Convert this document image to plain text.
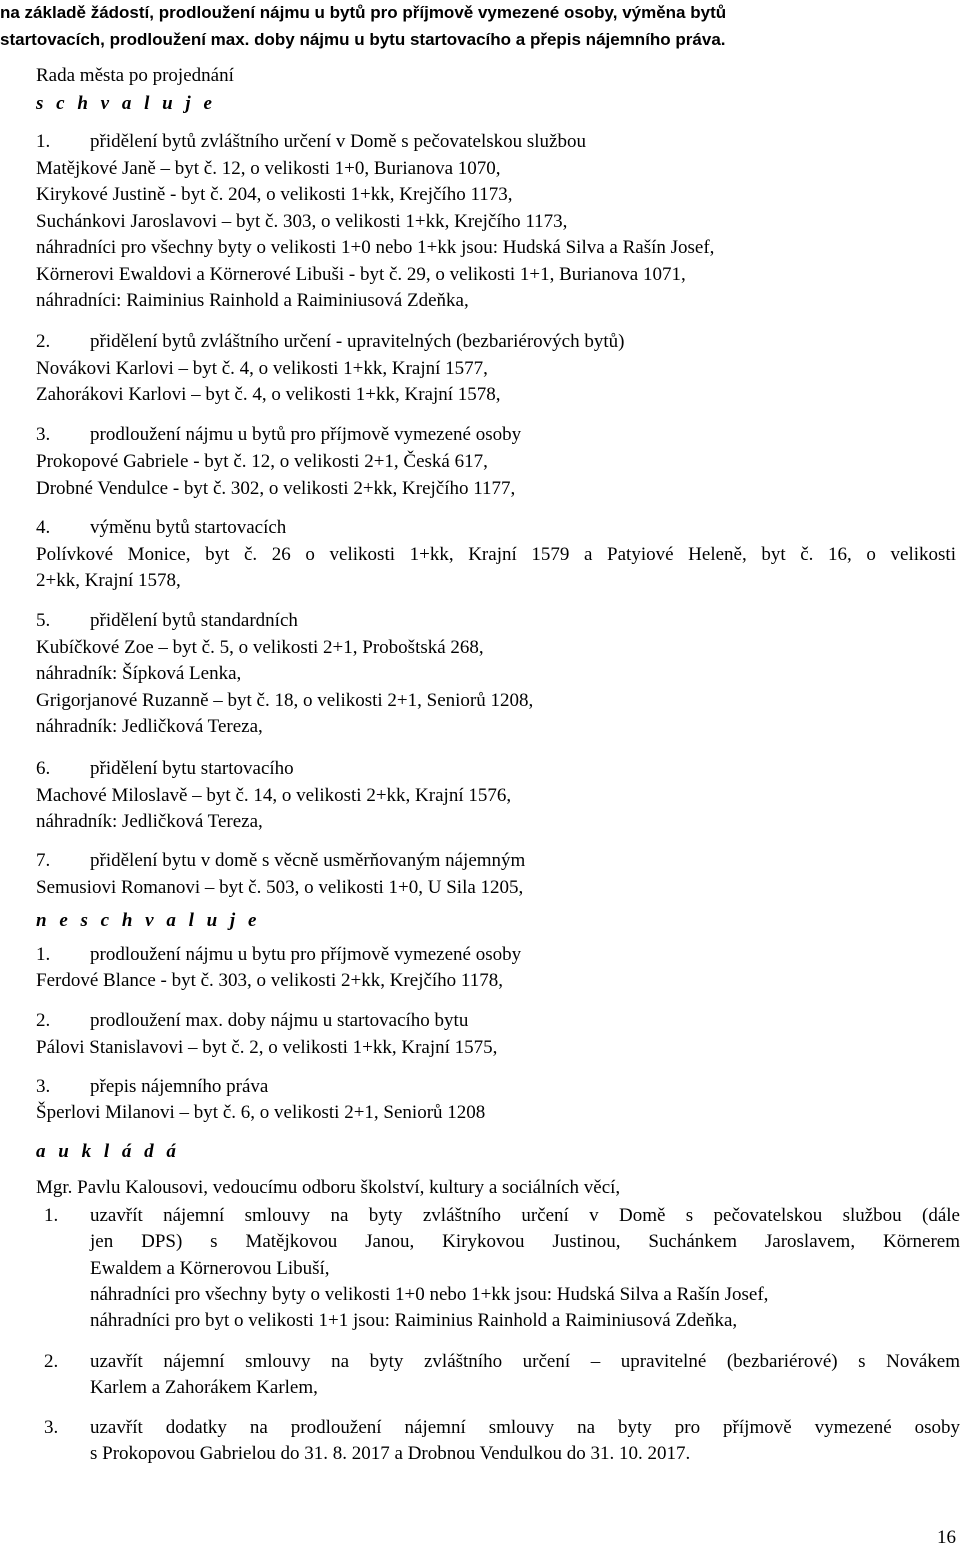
na základě žádostí, prodloužení nájmu u bytů pro příjmově vymezené osoby, výměna bytů
startovacích, prodloužení max. doby nájmu u bytu startovacího a přepis nájemního práva.
Rada města po projednání
s c h v a l u j e
1. přidělení bytů zvláštního určení v Domě s pečovatelskou službou
Matějkové Janě – byt č. 12, o velikosti 1+0, Burianova 1070,
Kirykové Justině - byt č. 204, o velikosti 1+kk, Krejčího 1173,
Suchánkovi Jaroslavovi – byt č. 303, o velikosti 1+kk, Krejčího 1173,
náhradníci pro všechny byty o velikosti 1+0 nebo 1+kk jsou: Hudská Silva a Rašín Josef,
Körnerovi Ewaldovi a Körnerové Libuši - byt č. 29, o velikosti 1+1, Burianova 1071,
náhradníci: Raiminius Rainhold a Raiminiusová Zdeňka,
2. přidělení bytů zvláštního určení - upravitelných (bezbariérových bytů)
Novákovi Karlovi – byt č. 4, o velikosti 1+kk, Krajní 1577,
Zahorákovi Karlovi – byt č. 4, o velikosti 1+kk, Krajní 1578,
3. prodloužení nájmu u bytů pro příjmově vymezené osoby
Prokopové Gabriele - byt č. 12, o velikosti 2+1, Česká 617,
Drobné Vendulce - byt č. 302, o velikosti 2+kk, Krejčího 1177,
4. výměnu bytů startovacích
Polívkové Monice, byt č. 26 o velikosti 1+kk, Krajní 1579 a Patyiové Heleně, byt č. 16, o velikosti
2+kk, Krajní 1578,
5. přidělení bytů standardních
Kubíčkové Zoe – byt č. 5, o velikosti 2+1, Proboštská 268,
náhradník: Šípková Lenka,
Grigorjanové Ruzanně – byt č. 18, o velikosti 2+1, Seniorů 1208,
náhradník: Jedličková Tereza,
6. přidělení bytu startovacího
Machové Miloslavě – byt č. 14, o velikosti 2+kk, Krajní 1576,
náhradník: Jedličková Tereza,
7. přidělení bytu v domě s věcně usměrňovaným nájemným
Semusiovi Romanovi – byt č. 503, o velikosti 1+0, U Sila 1205,
n e s c h v a l u j e
1. prodloužení nájmu u bytu pro příjmově vymezené osoby
Ferdové Blance - byt č. 303, o velikosti 2+kk, Krejčího 1178,
2. prodloužení max. doby nájmu u startovacího bytu
Pálovi Stanislavovi – byt č. 2, o velikosti 1+kk, Krajní 1575,
3. přepis nájemního práva
Šperlovi Milanovi – byt č. 6, o velikosti 2+1, Seniorů 1208
a u k l á d á
Mgr. Pavlu Kalousovi, vedoucímu odboru školství, kultury a sociálních věcí,
1. uzavřít nájemní smlouvy na byty zvláštního určení v Domě s pečovatelskou službou (dále
jen DPS) s Matějkovou Janou, Kirykovou Justinou, Suchánkem Jaroslavem, Körnerem
Ewaldem a Körnerovou Libuší,
náhradníci pro všechny byty o velikosti 1+0 nebo 1+kk jsou: Hudská Silva a Rašín Josef,
náhradníci pro byt o velikosti 1+1 jsou: Raiminius Rainhold a Raiminiusová Zdeňka,
2. uzavřít nájemní smlouvy na byty zvláštního určení – upravitelné (bezbariérové) s Novákem
Karlem a Zahorákem Karlem,
3. uzavřít dodatky na prodloužení nájemní smlouvy na byty pro příjmově vymezené osoby
s Prokopovou Gabrielou do 31. 8. 2017 a Drobnou Vendulkou do 31. 10. 2017.
16
